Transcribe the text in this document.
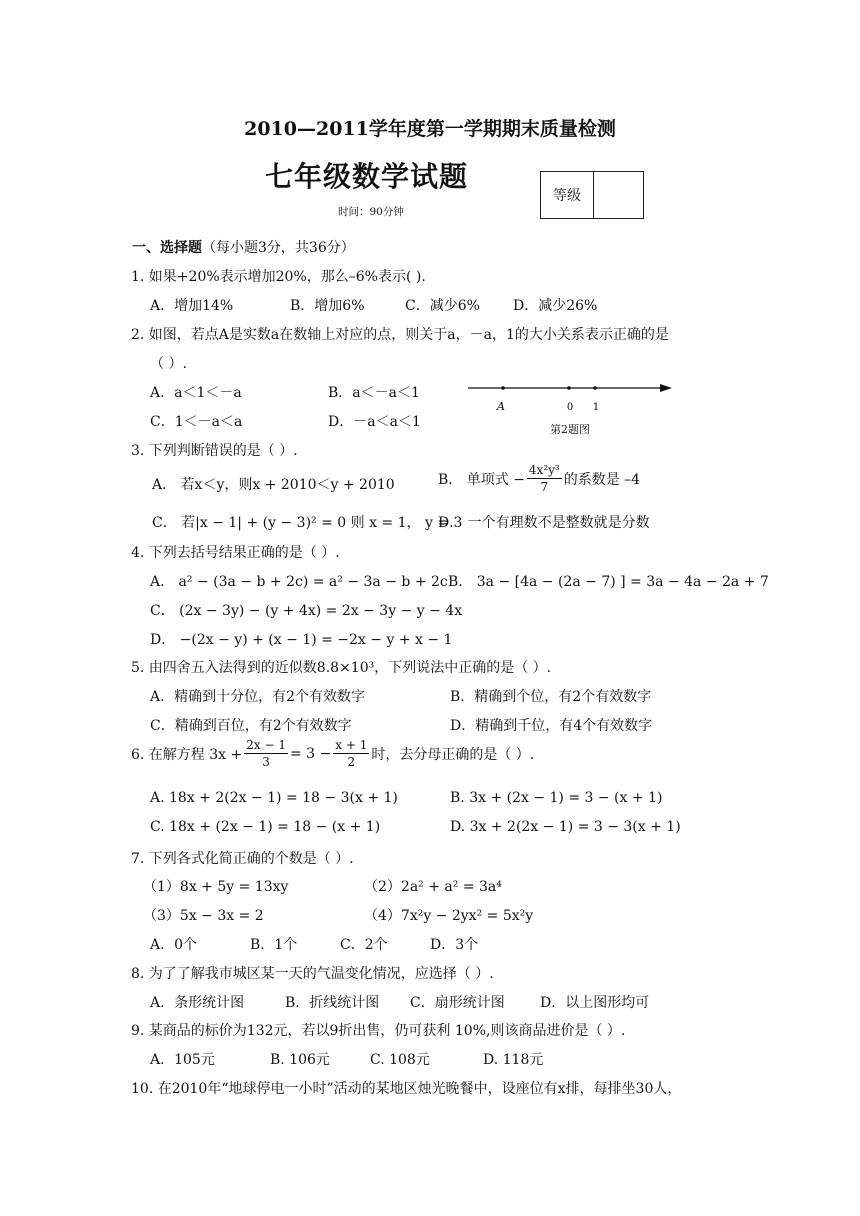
2010—2011学年度第一学期期末质量检测
七年级数学试题
时间：90分钟
等级
一、选择题（每小题3分，共36分）
1. 如果+20%表示增加20%，那么–6%表示( ).
A．增加14%	B．增加6%	C．减少6% D．减少26%
2. 如图，若点A是实数a在数轴上对应的点，则关于a，－a，1的大小关系表示正确的是
（ ）.
A．a＜1＜－a	B．a＜－a＜1
C．1＜－a＜a	D．－a＜a＜1
A	0 1
第2题图
3. 下列判断错误的是（ ）.
A． 若x＜y，则x + 2010＜y + 2010	B． 单项式 − $\frac{\text{4x²y³}}{7}$ 的系数是 –4
C． 若|x − 1| + (y − 3)² = 0 则 x = 1， y = 3
D． 一个有理数不是整数就是分数
4. 下列去括号结果正确的是（ ）.
A． a² − (3a − b + 2c) = a² − 3a − b + 2c B． 3a − [4a − (2a − 7) ] = 3a − 4a − 2a + 7
C． (2x − 3y) − (y + 4x) = 2x − 3y − y − 4x
D． −(2x − y) + (x − 1) = −2x − y + x − 1
5. 由四舍五入法得到的近似数8.8×10³，下列说法中正确的是（ ）.
A．精确到十分位，有2个有效数字	B．精确到个位，有2个有效数字
C．精确到百位，有2个有效数字	D．精确到千位，有4个有效数字
6. 在解方程 $3x + \frac{2x - 1}{3} = 3 - \frac{x + 1}{2}$ 时，去分母正确的是（ ）.
A. 18x + 2(2x − 1) = 18 − 3(x + 1)	B. 3x + (2x − 1) = 3 − (x + 1)
C. 18x + (2x − 1) = 18 − (x + 1)	D. 3x + 2(2x − 1) = 3 − 3(x + 1)
7. 下列各式化简正确的个数是（ ）.
（1）8x + 5y = 13xy	（2）2a² + a² = 3a⁴
（3）5x − 3x = 2	（4）7x²y − 2yx² = 5x²y
A．0个	B．1个	C．2个	D．3个
8. 为了了解我市城区某一天的气温变化情况，应选择（ ）.
A．条形统计图	B．折线统计图 C．扇形统计图	D．以上图形均可
9. 某商品的标价为132元，若以9折出售，仍可获利 10%,则该商品进价是（ ）.
A．105元	B. 106元	C. 108元	D. 118元
10. 在2010年“地球停电一小时”活动的某地区烛光晚餐中，设座位有x排，每排坐30人，
